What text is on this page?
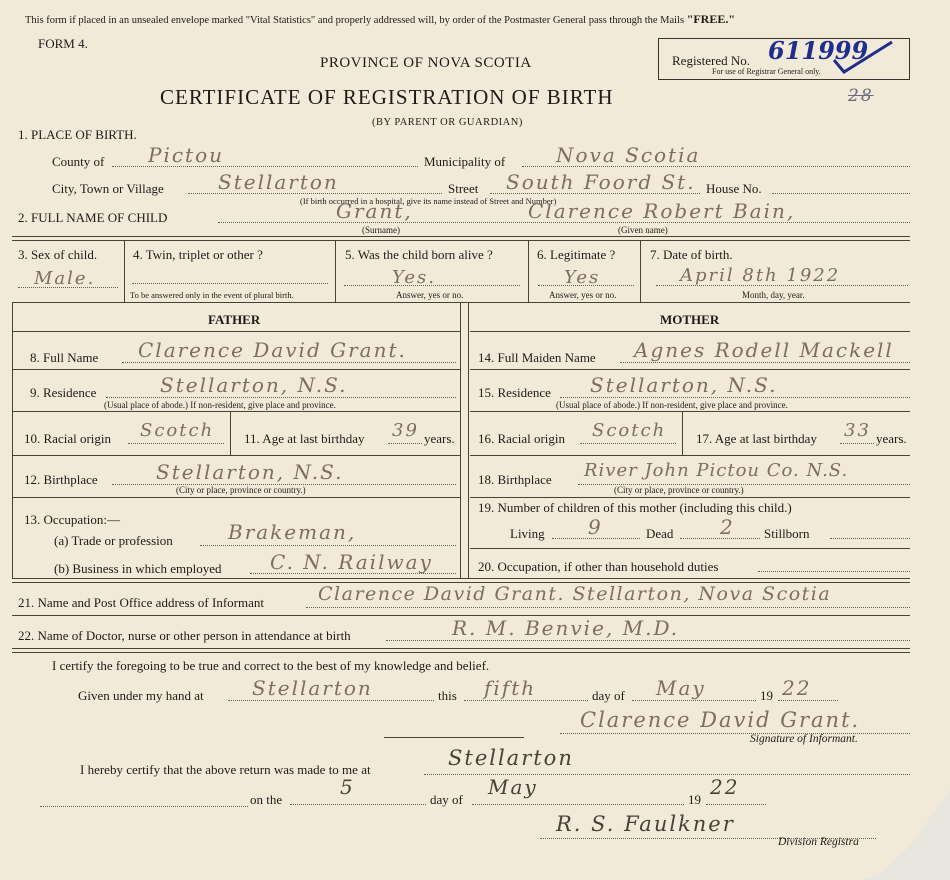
This form if placed in an unsealed envelope marked "Vital Statistics" and properly addressed will, by order of the Postmaster General pass through the Mails "FREE."
FORM 4.
PROVINCE OF NOVA SCOTIA
CERTIFICATE OF REGISTRATION OF BIRTH
(BY PARENT OR GUARDIAN)
Registered No. 611999
For use of Registrar General only.
28
1. PLACE OF BIRTH.
County of Pictou	Municipality of	Nova Scotia
City, Town or Village	Stellarton	Street South Foord St. House No.
(If birth occurred in a hospital, give its name instead of Street and Number)
2. FULL NAME OF CHILD	Grant,	Clarence Robert Bain,
(Surname)	(Given name)
3. Sex of child.
Male.
4. Twin, triplet or other ?
To be answered only in the event of plural birth.
5. Was the child born alive ?
Yes.
Answer, yes or no.
6. Legitimate ?
Yes
Answer, yes or no.
7. Date of birth.
April 8th 1922
Month, day, year.
FATHER	MOTHER
8. Full Name Clarence David Grant.
9. Residence	Stellarton, N.S.
(Usual place of abode.) If non-resident, give place and province.
10. Racial origin Scotch 11. Age at last birthday 39 years.
12. Birthplace	Stellarton, N.S.
(City or place, province or country.)
13. Occupation:—
(a) Trade or profession	Brakeman,
(b) Business in which employed C. N. Railway
14. Full Maiden Name Agnes Rodell Mackell
15. Residence Stellarton, N.S.
(Usual place of abode.) If non-resident, give place and province.
16. Racial origin Scotch 17. Age at last birthday 33 years.
18. Birthplace River John Pictou Co. N.S.
(City or place, province or country.)
19. Number of children of this mother (including this child.)
Living 9	Dead 2 Stillborn
20. Occupation, if other than household duties
21. Name and Post Office address of Informant	Clarence David Grant. Stellarton, Nova Scotia
22. Name of Doctor, nurse or other person in attendance at birth	R. M. Benvie, M.D.
I certify the foregoing to be true and correct to the best of my knowledge and belief.
Given under my hand at Stellarton	this fifth	day of May	19 22
Clarence David Grant.
Signature of Informant.
I hereby certify that the above return was made to me at	Stellarton
on the
5
day of
May
19
22
R. S. Faulkner
Division Registra
